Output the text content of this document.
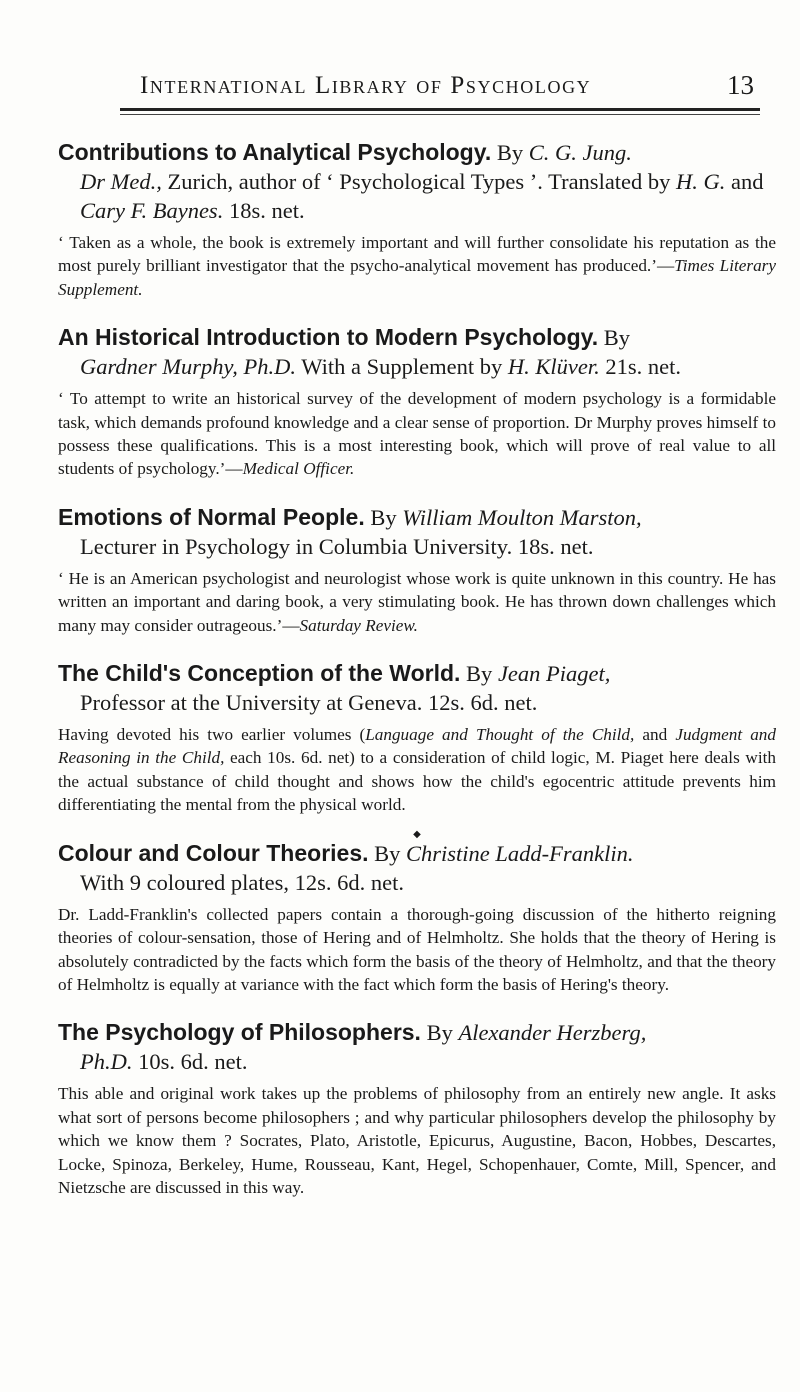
International Library of Psychology	13

Contributions to Analytical Psychology. By C. G. Jung.
Dr Med., Zurich, author of ‘ Psychological Types ’. Translated by H. G. and Cary F. Baynes. 18s. net.

‘ Taken as a whole, the book is extremely important and will further consolidate his reputation as the most purely brilliant investigator that the psycho-analytical movement has produced.’—Times Literary Supplement.

An Historical Introduction to Modern Psychology. By
Gardner Murphy, Ph.D. With a Supplement by H. Klüver. 21s. net.

‘ To attempt to write an historical survey of the development of modern psychology is a formidable task, which demands profound knowledge and a clear sense of proportion. Dr Murphy proves himself to possess these qualifications. This is a most interesting book, which will prove of real value to all students of psychology.’—Medical Officer.

Emotions of Normal People. By William Moulton Marston,
Lecturer in Psychology in Columbia University. 18s. net.

‘ He is an American psychologist and neurologist whose work is quite unknown in this country. He has written an important and daring book, a very stimulating book. He has thrown down challenges which many may consider outrageous.’—Saturday Review.

The Child's Conception of the World. By Jean Piaget,
Professor at the University at Geneva. 12s. 6d. net.

Having devoted his two earlier volumes (Language and Thought of the Child, and Judgment and Reasoning in the Child, each 10s. 6d. net) to a consideration of child logic, M. Piaget here deals with the actual substance of child thought and shows how the child's egocentric attitude prevents him differentiating the mental from the physical world.

◆

Colour and Colour Theories. By Christine Ladd-Franklin.
With 9 coloured plates, 12s. 6d. net.

Dr. Ladd-Franklin's collected papers contain a thorough-going discussion of the hitherto reigning theories of colour-sensation, those of Hering and of Helmholtz. She holds that the theory of Hering is absolutely contradicted by the facts which form the basis of the theory of Helmholtz, and that the theory of Helmholtz is equally at variance with the fact which form the basis of Hering's theory.

The Psychology of Philosophers. By Alexander Herzberg,
Ph.D. 10s. 6d. net.

This able and original work takes up the problems of philosophy from an entirely new angle. It asks what sort of persons become philosophers ; and why particular philosophers develop the philosophy by which we know them ? Socrates, Plato, Aristotle, Epicurus, Augustine, Bacon, Hobbes, Descartes, Locke, Spinoza, Berkeley, Hume, Rousseau, Kant, Hegel, Schopenhauer, Comte, Mill, Spencer, and Nietzsche are discussed in this way.
